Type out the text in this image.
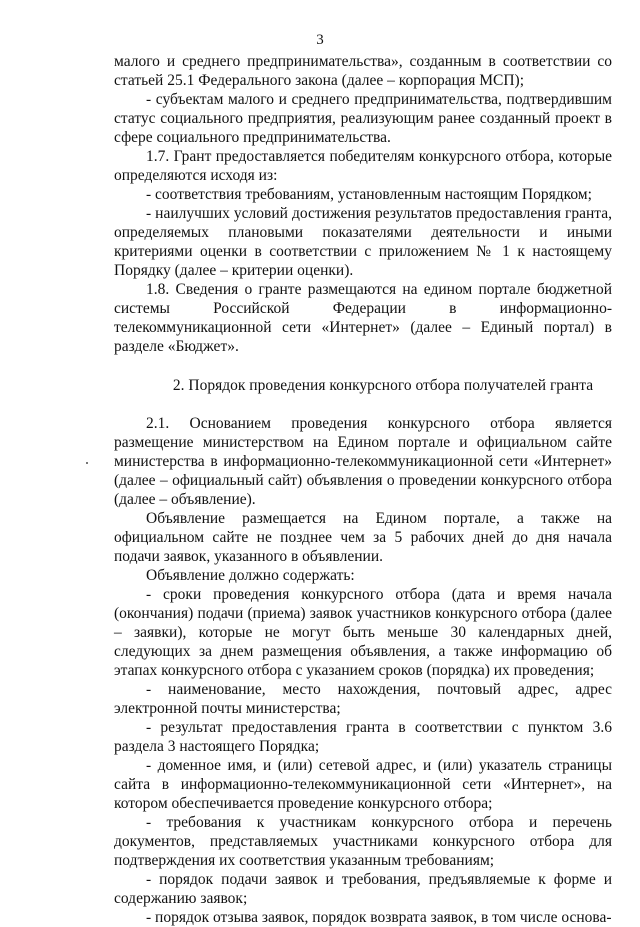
3

малого и среднего предпринимательства», созданным в соответствии со статьей 25.1 Федерального закона (далее – корпорация МСП);

- субъектам малого и среднего предпринимательства, подтвердившим статус социального предприятия, реализующим ранее созданный проект в сфере социального предпринимательства.

1.7. Грант предоставляется победителям конкурсного отбора, которые определяются исходя из:

- соответствия требованиям, установленным настоящим Порядком;

- наилучших условий достижения результатов предоставления гранта, определяемых плановыми показателями деятельности и иными критериями оценки в соответствии с приложением № 1 к настоящему Порядку (далее – критерии оценки).

1.8. Сведения о гранте размещаются на едином портале бюджетной системы Российской Федерации в информационно-телекоммуникационной сети «Интернет» (далее – Единый портал) в разделе «Бюджет».

2. Порядок проведения конкурсного отбора получателей гранта

2.1. Основанием проведения конкурсного отбора является размещение министерством на Едином портале и официальном сайте министерства в информационно-телекоммуникационной сети «Интернет» (далее – официальный сайт) объявления о проведении конкурсного отбора (далее – объявление).

Объявление размещается на Едином портале, а также на официальном сайте не позднее чем за 5 рабочих дней до дня начала подачи заявок, указанного в объявлении.

Объявление должно содержать:

- сроки проведения конкурсного отбора (дата и время начала (окончания) подачи (приема) заявок участников конкурсного отбора (далее – заявки), которые не могут быть меньше 30 календарных дней, следующих за днем размещения объявления, а также информацию об этапах конкурсного отбора с указанием сроков (порядка) их проведения;

- наименование, место нахождения, почтовый адрес, адрес электронной почты министерства;

- результат предоставления гранта в соответствии с пунктом 3.6 раздела 3 настоящего Порядка;

- доменное имя, и (или) сетевой адрес, и (или) указатель страницы сайта в информационно-телекоммуникационной сети «Интернет», на котором обеспечивается проведение конкурсного отбора;

- требования к участникам конкурсного отбора и перечень документов, представляемых участниками конкурсного отбора для подтверждения их соответствия указанным требованиям;

- порядок подачи заявок и требования, предъявляемые к форме и содержанию заявок;

- порядок отзыва заявок, порядок возврата заявок, в том числе основа-
